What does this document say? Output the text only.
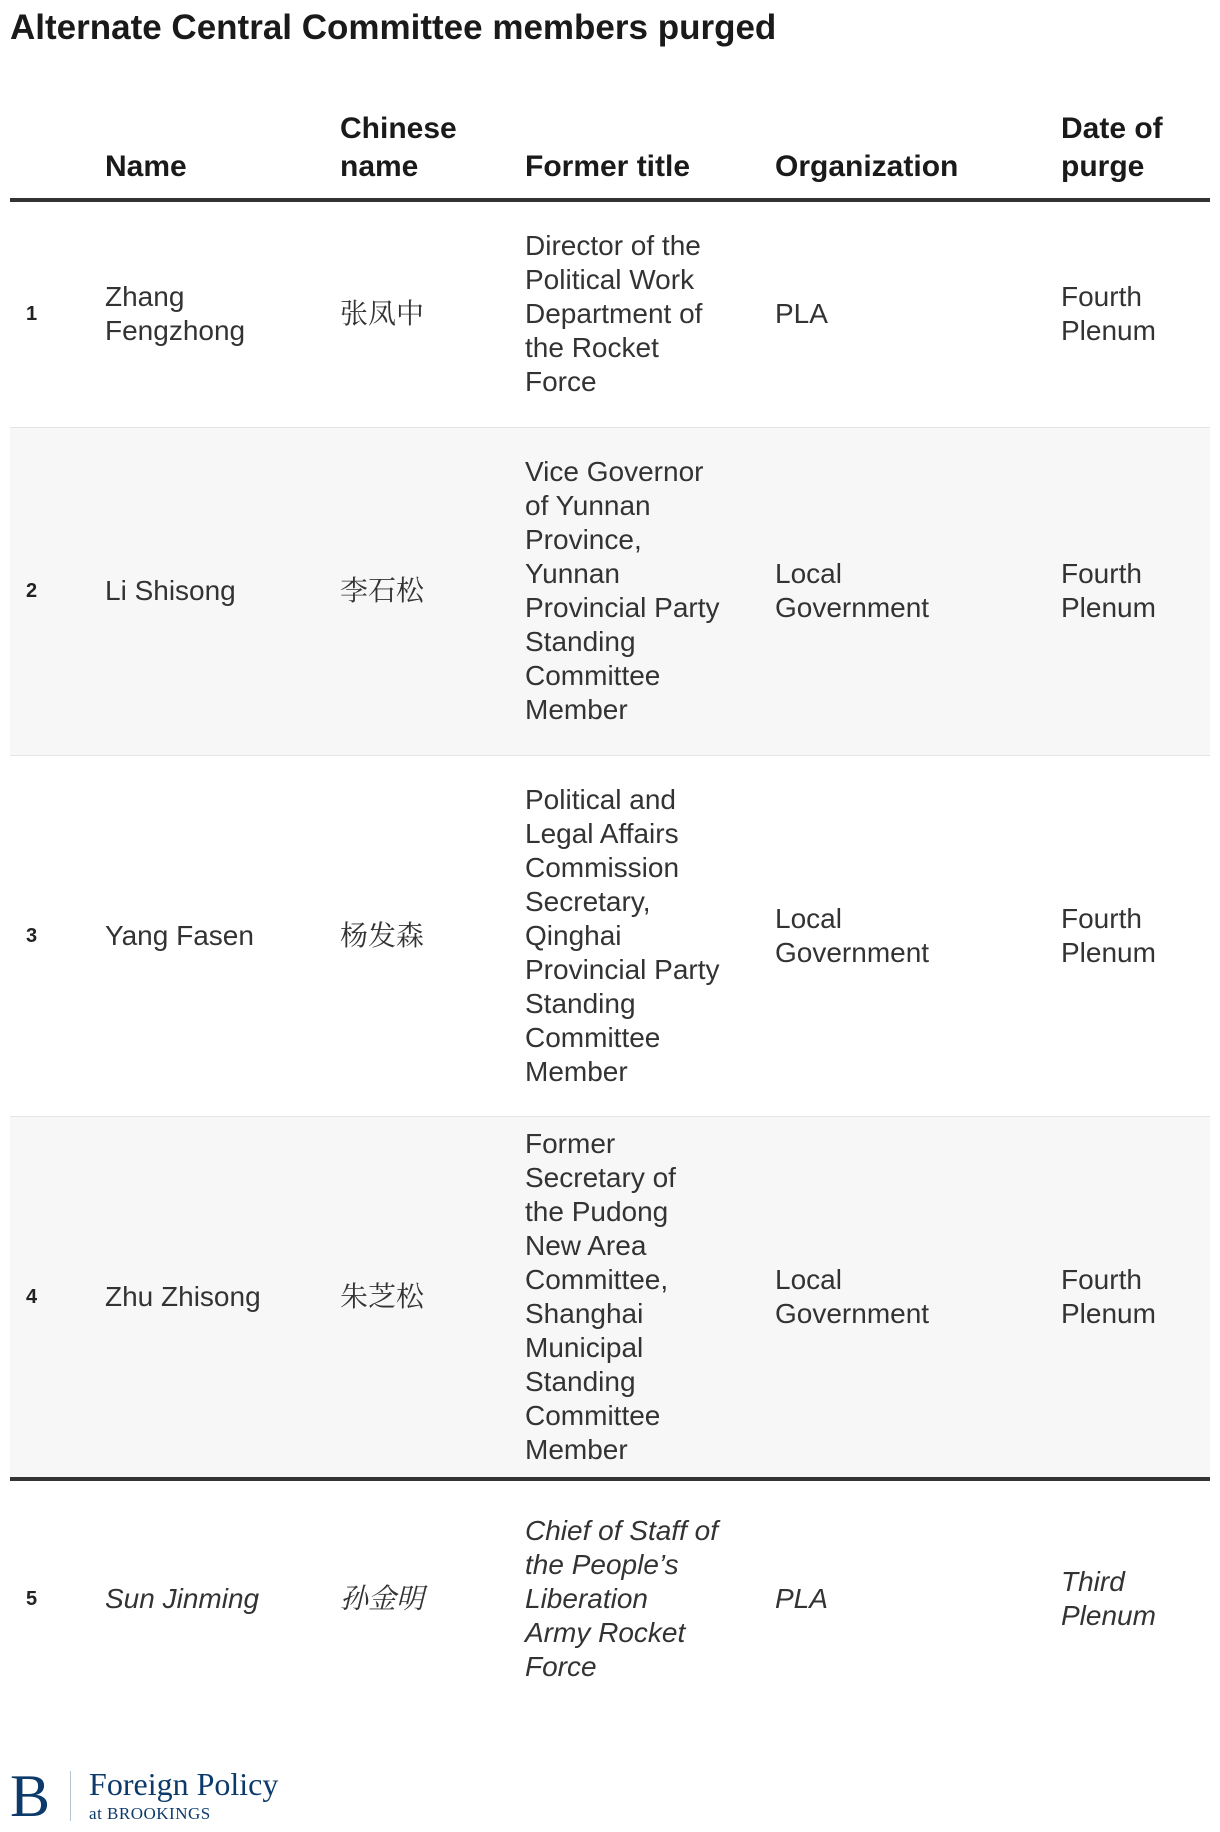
Alternate Central Committee members purged

	Name	Chinese name	Former title	Organization	Date of purge

1	Zhang Fengzhong	张凤中	Director of the Political Work Department of the Rocket Force	PLA	Fourth Plenum

2	Li Shisong	李石松	Vice Governor of Yunnan Province, Yunnan Provincial Party Standing Committee Member	Local Government	Fourth Plenum

3	Yang Fasen	杨发森	Political and Legal Affairs Commission Secretary, Qinghai Provincial Party Standing Committee Member	Local Government	Fourth Plenum

4	Zhu Zhisong	朱芝松	Former Secretary of the Pudong New Area Committee, Shanghai Municipal Standing Committee Member	Local Government	Fourth Plenum

5	Sun Jinming	孙金明	Chief of Staff of the People’s Liberation Army Rocket Force	PLA	Third Plenum
B Foreign Policy
at BROOKINGS
